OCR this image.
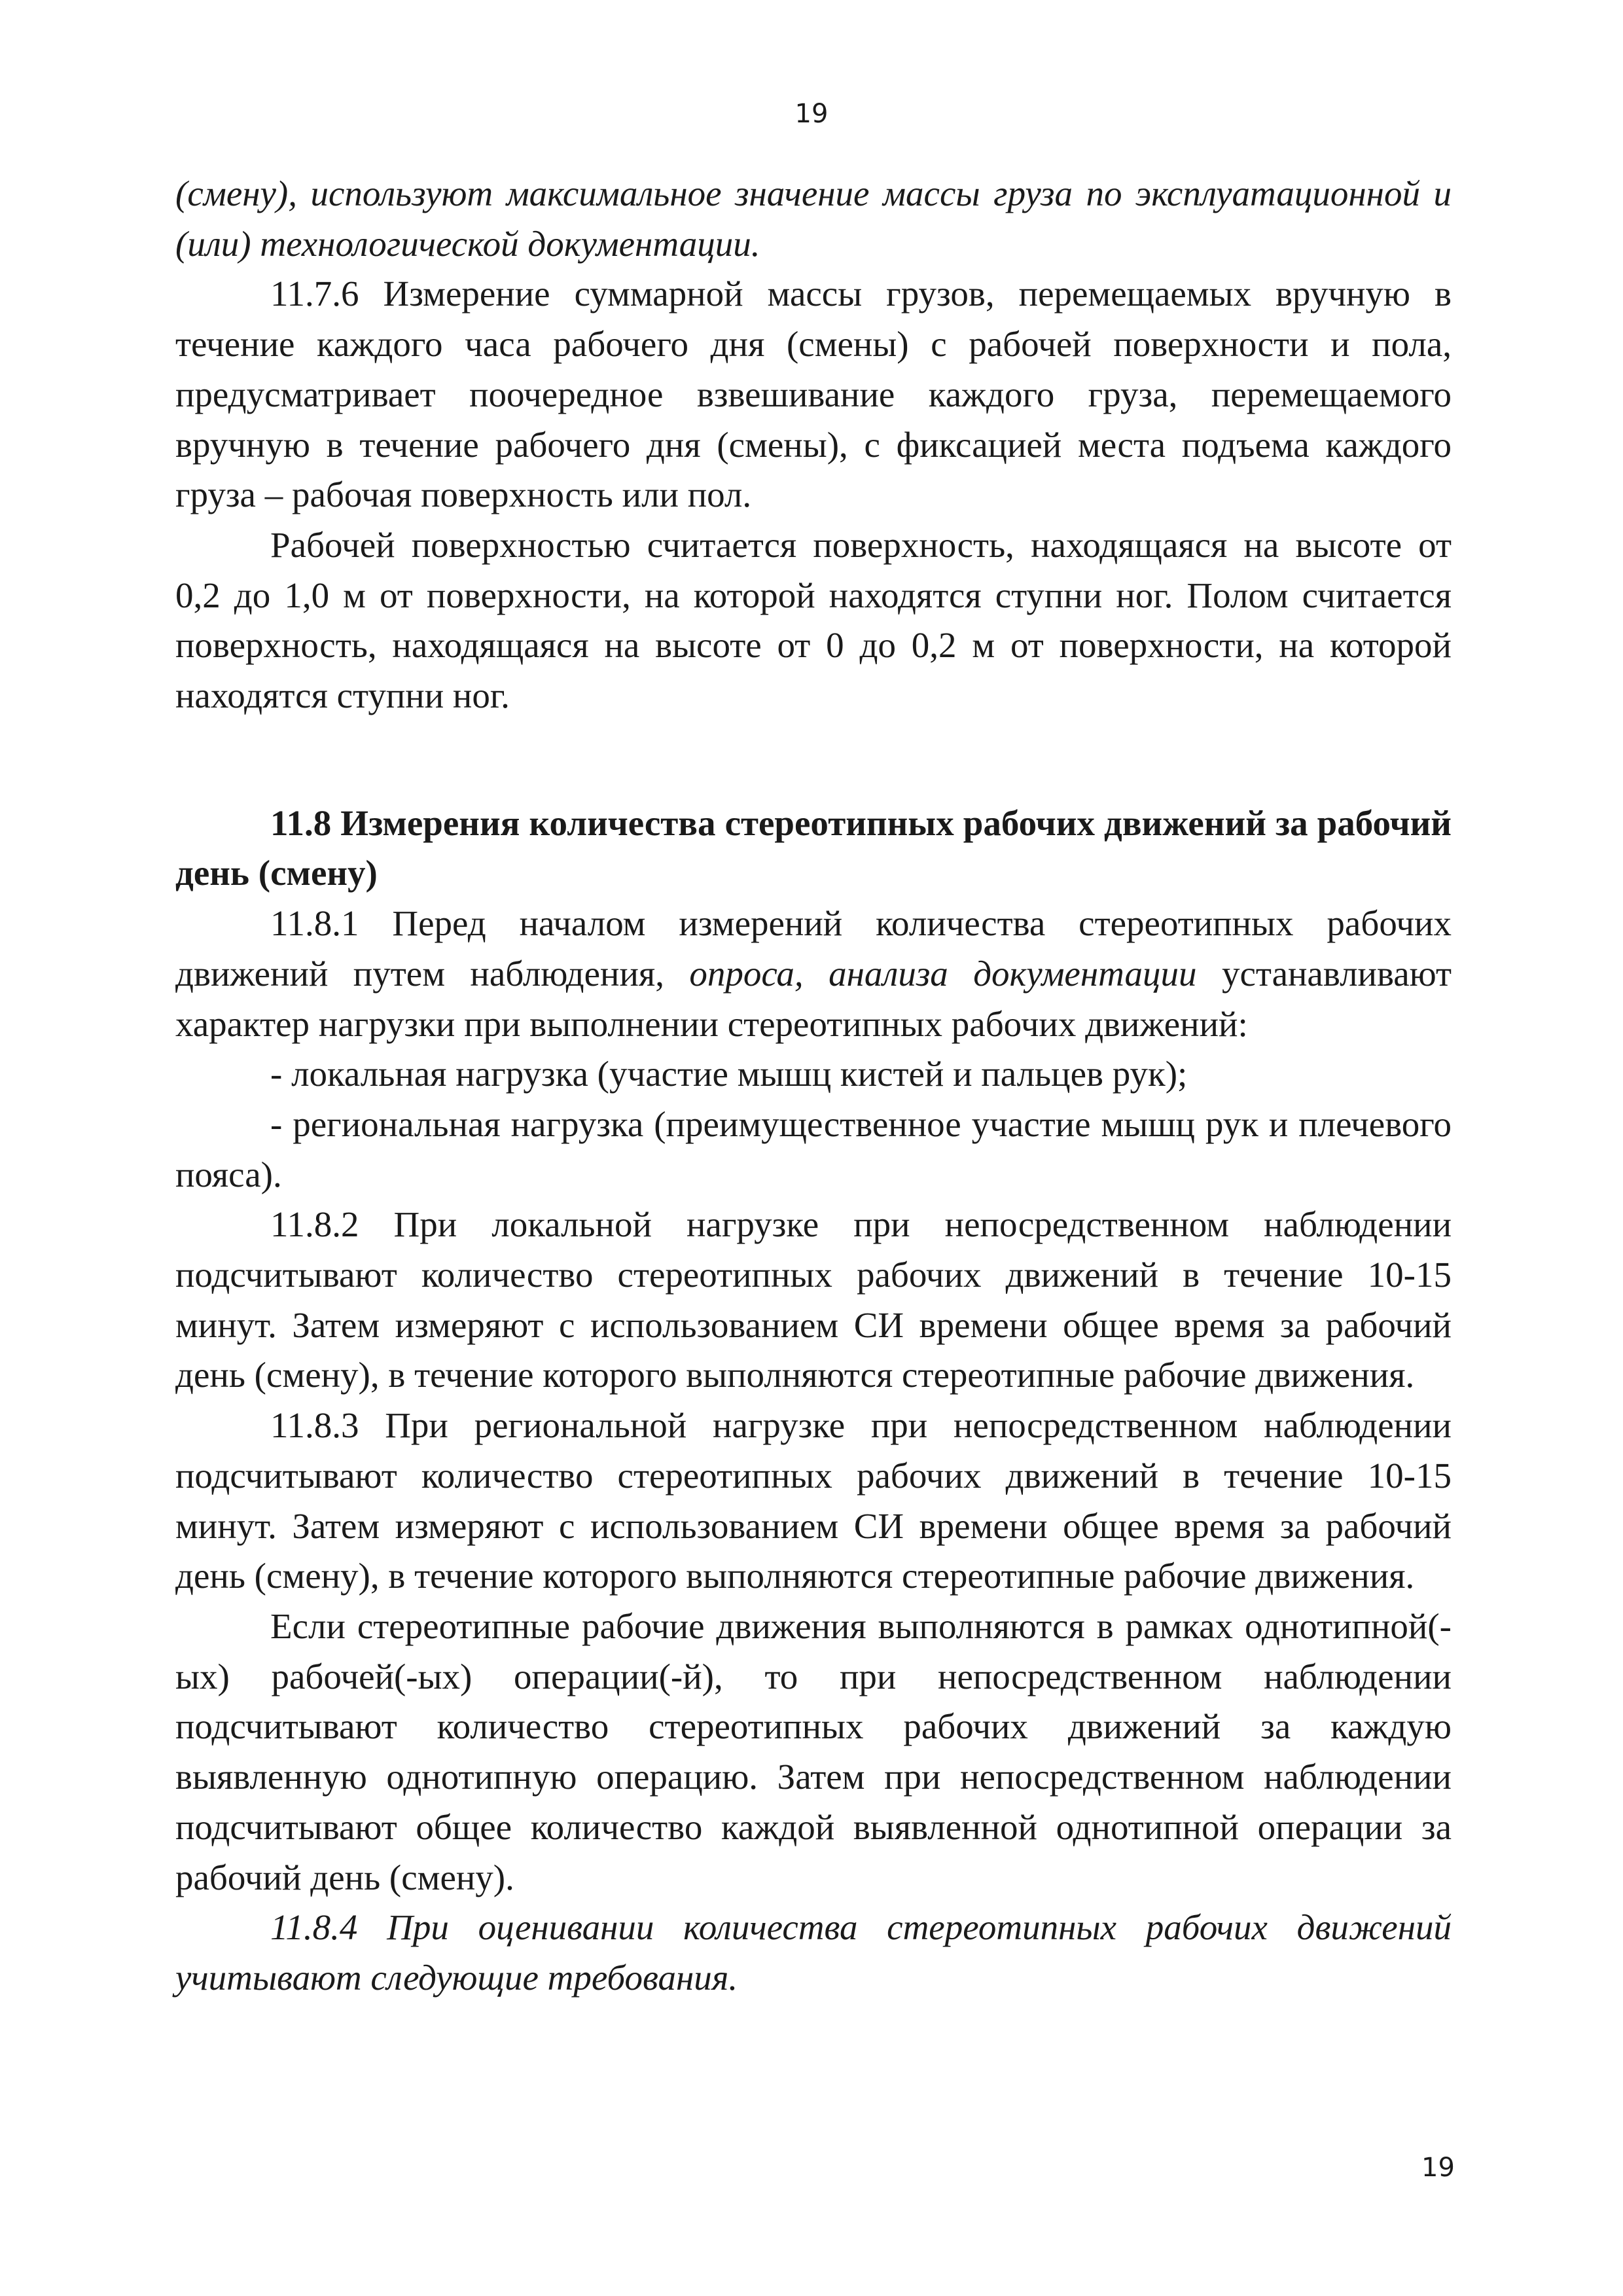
19

(смену), используют максимальное значение массы груза по эксплуатационной и (или) технологической документации.

11.7.6 Измерение суммарной массы грузов, перемещаемых вручную в течение каждого часа рабочего дня (смены) с рабочей поверхности и пола, предусматривает поочередное взвешивание каждого груза, перемещаемого вручную в течение рабочего дня (смены), с фиксацией места подъема каждого груза – рабочая поверхность или пол.

Рабочей поверхностью считается поверхность, находящаяся на высоте от 0,2 до 1,0 м от поверхности, на которой находятся ступни ног. Полом считается поверхность, находящаяся на высоте от 0 до 0,2 м от поверхности, на которой находятся ступни ног.

11.8 Измерения количества стереотипных рабочих движений за рабочий день (смену)

11.8.1 Перед началом измерений количества стереотипных рабочих движений путем наблюдения, опроса, анализа документации устанавливают характер нагрузки при выполнении стереотипных рабочих движений:

- локальная нагрузка (участие мышц кистей и пальцев рук);

- региональная нагрузка (преимущественное участие мышц рук и плечевого пояса).

11.8.2 При локальной нагрузке при непосредственном наблюдении подсчитывают количество стереотипных рабочих движений в течение 10-15 минут. Затем измеряют с использованием СИ времени общее время за рабочий день (смену), в течение которого выполняются стереотипные рабочие движения.

11.8.3 При региональной нагрузке при непосредственном наблюдении подсчитывают количество стереотипных рабочих движений в течение 10-15 минут. Затем измеряют с использованием СИ времени общее время за рабочий день (смену), в течение которого выполняются стереотипные рабочие движения.

Если стереотипные рабочие движения выполняются в рамках однотипной(-ых) рабочей(-ых) операции(-й), то при непосредственном наблюдении подсчитывают количество стереотипных рабочих движений за каждую выявленную однотипную операцию. Затем при непосредственном наблюдении подсчитывают общее количество каждой выявленной однотипной операции за рабочий день (смену).

11.8.4 При оценивании количества стереотипных рабочих движений учитывают следующие требования.

19
